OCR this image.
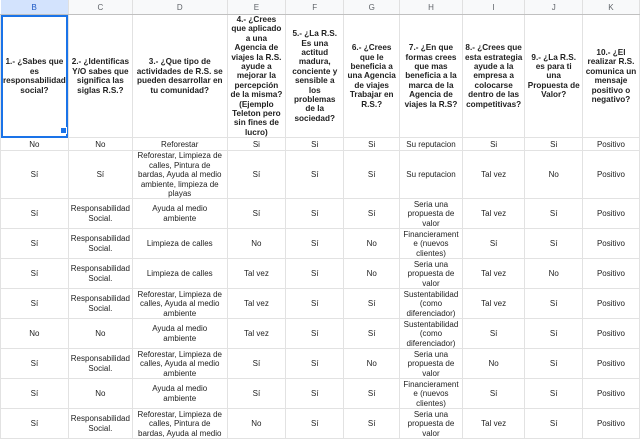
B	C	D	E	F	G	H	I	J	K
1.- ¿Sabes que es responsabilidad social?	2.- ¿Identificas Y/O sabes que significa las siglas R.S.?	3.- ¿Que tipo de actividades de R.S. se pueden desarrollar en tu comunidad?	4.- ¿Crees que aplicado a una Agencia de viajes la R.S. ayude a mejorar la percepción de la misma? (Ejemplo Teleton pero sin fines de lucro)	5.- ¿La R.S. Es una actitud madura, conciente y sensible a los problemas de la sociedad?	6.- ¿Crees que le beneficia a una Agencia de viajes Trabajar en R.S.?	7.- ¿En que formas crees que mas beneficia a la marca de la Agencia de viajes la R.S?	8.- ¿Crees que esta estrategia ayude a la empresa a colocarse dentro de las competitivas?	9.- ¿La R.S. es para ti una Propuesta de Valor?	10.- ¿El realizar R.S. comunica un mensaje positivo o negativo?
No	No	Reforestar	Si	Si	Si	Su reputacion	Si	Si	Positivo
Sí	Sí	Reforestar, Limpieza de calles, Pintura de bardas, Ayuda al medio ambiente, limpieza de playas	Sí	Sí	Sí	Su reputacion	Tal vez	No	Positivo
Sí	Responsabilidad Social.	Ayuda al medio ambiente	Sí	Sí	Sí	Seria una propuesta de valor	Tal vez	Sí	Positivo
Sí	Responsabilidad Social.	Limpieza de calles	No	Sí	No	Financierament e (nuevos clientes)	Sí	Sí	Positivo
Sí	Responsabilidad Social.	Limpieza de calles	Tal vez	Sí	No	Seria una propuesta de valor	Tal vez	No	Positivo
Sí	Responsabilidad Social.	Reforestar, Limpieza de calles, Ayuda al medio ambiente	Tal vez	Sí	Sí	Sustentabilidad (como diferenciador)	Tal vez	Sí	Positivo
No	No	Ayuda al medio ambiente	Tal vez	Sí	Sí	Sustentabilidad (como diferenciador)	Sí	Sí	Positivo
Sí	Responsabilidad Social.	Reforestar, Limpieza de calles, Ayuda al medio ambiente	Sí	Sí	No	Seria una propuesta de valor	No	Sí	Positivo
Sí	No	Ayuda al medio ambiente	Sí	Sí	Sí	Financierament e (nuevos clientes)	Sí	Sí	Positivo
Sí	Responsabilidad Social.	Reforestar, Limpieza de calles, Pintura de bardas, Ayuda al medio	No	Sí	Sí	Seria una propuesta de valor	Tal vez	Sí	Positivo
